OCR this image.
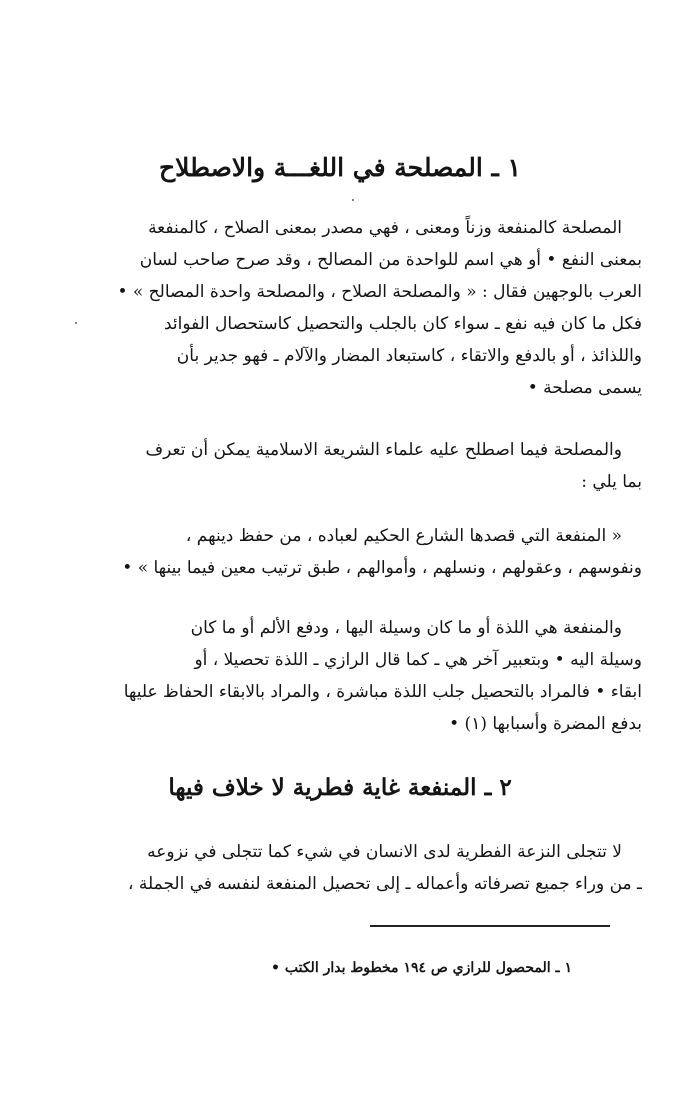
١ ـ المصلحة في اللغـــة والاصطلاح
المصلحة كالمنفعة وزناً ومعنى ، فهي مصدر بمعنى الصلاح ، كالمنفعة
بمعنى النفع • أو هي اسم للواحدة من المصالح ، وقد صرح صاحب لسان
العرب بالوجهين فقال : « والمصلحة الصلاح ، والمصلحة واحدة المصالح » •
فكل ما كان فيه نفع ـ سواء كان بالجلب والتحصيل كاستحصال الفوائد
واللذائذ ، أو بالدفع والاتقاء ، كاستبعاد المضار والآلام ـ فهو جدير بأن
يسمى مصلحة •
والمصلحة فيما اصطلح عليه علماء الشريعة الاسلامية يمكن أن تعرف
بما يلي :
« المنفعة التي قصدها الشارع الحكيم لعباده ، من حفظ دينهم ،
ونفوسهم ، وعقولهم ، ونسلهم ، وأموالهم ، طبق ترتيب معين فيما بينها » •
والمنفعة هي اللذة أو ما كان وسيلة اليها ، ودفع الألم أو ما كان
وسيلة اليه • وبتعبير آخر هي ـ كما قال الرازي ـ اللذة تحصيلا ، أو
ابقاء • فالمراد بالتحصيل جلب اللذة مباشرة ، والمراد بالابقاء الحفاظ عليها
بدفع المضرة وأسبابها (١) •
٢ ـ المنفعة غاية فطرية لا خلاف فيها
لا تتجلى النزعة الفطرية لدى الانسان في شيء كما تتجلى في نزوعه
ـ من وراء جميع تصرفاته وأعماله ـ إلى تحصيل المنفعة لنفسه في الجملة ،
١ ـ المحصول للرازي ص ١٩٤ مخطوط بدار الكتب •
